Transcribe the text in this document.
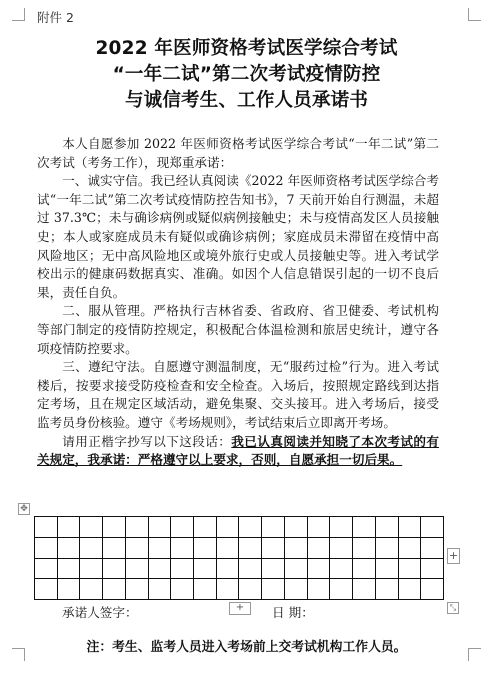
附件 2
2022 年医师资格考试医学综合考试
“一年二试”第二次考试疫情防控
与诚信考生、工作人员承诺书

本人自愿参加 2022 年医师资格考试医学综合考试“一年二试”第二次考试（考务工作），现郑重承诺：

一、诚实守信。我已经认真阅读《2022 年医师资格考试医学综合考试“一年二试”第二次考试疫情防控告知书》，7 天前开始自行测温，未超过 37.3℃；未与确诊病例或疑似病例接触史；未与疫情高发区人员接触史；本人或家庭成员未有疑似或确诊病例；家庭成员未滞留在疫情中高风险地区；无中高风险地区或境外旅行史或人员接触史等。进入考试学校出示的健康码数据真实、准确。如因个人信息错误引起的一切不良后果，责任自负。

二、服从管理。严格执行吉林省委、省政府、省卫健委、考试机构等部门制定的疫情防控规定，积极配合体温检测和旅居史统计，遵守各项疫情防控要求。

三、遵纪守法。自愿遵守测温制度，无“服药过检”行为。进入考试楼后，按要求接受防疫检查和安全检查。入场后，按照规定路线到达指定考场，且在规定区域活动，避免集聚、交头接耳。进入考场后，接受监考员身份核验。遵守《考场规则》，考试结束后立即离开考场。

请用正楷字抄写以下这段话：我已认真阅读并知晓了本次考试的有关规定，我承诺：严格遵守以上要求，否则，自愿承担一切后果。

✥

+
+	⤡
承诺人签字：	日 期：
注：考生、监考人员进入考场前上交考试机构工作人员。
